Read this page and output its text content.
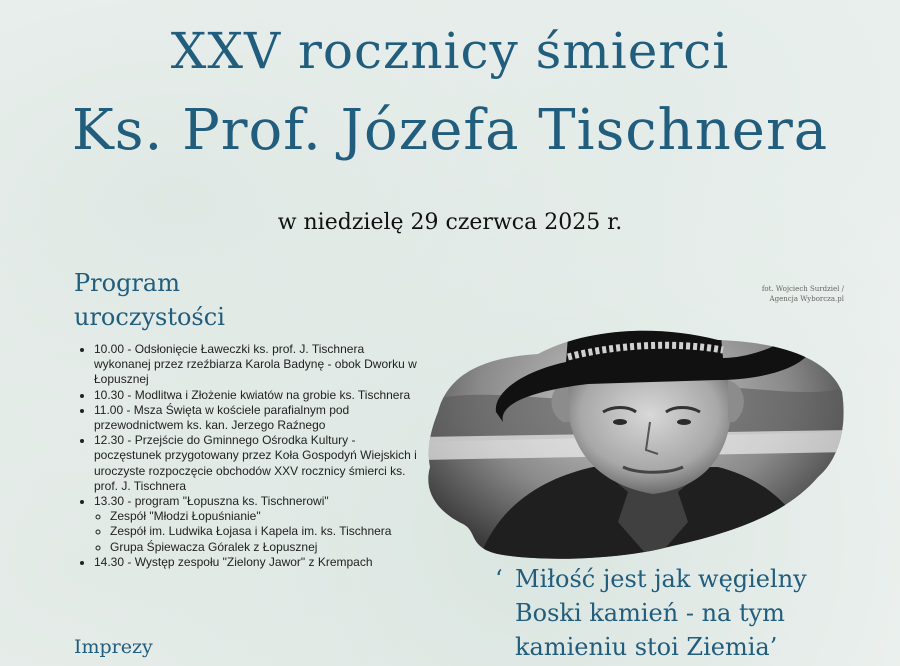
XXV rocznicy śmierci
Ks. Prof. Józefa Tischnera
w niedzielę 29 czerwca 2025 r.
Program
uroczystości
• 10.00 - Odsłonięcie Ławeczki ks. prof. J. Tischnera wykonanej przez rzeźbiarza Karola Badynę - obok Dworku w Łopusznej
• 10.30 - Modlitwa i Złożenie kwiatów na grobie ks. Tischnera
• 11.00 - Msza Święta w kościele parafialnym pod przewodnictwem ks. kan. Jerzego Raźnego
• 12.30 - Przejście do Gminnego Ośrodka Kultury - poczęstunek przygotowany przez Koła Gospodyń Wiejskich i uroczyste rozpoczęcie obchodów XXV rocznicy śmierci ks. prof. J. Tischnera
• 13.30 - program "Łopuszna ks. Tischnerowi"
◦ Zespół "Młodzi Łopuśnianie"
◦ Zespół im. Ludwika Łojasa i Kapela im. ks. Tischnera
◦ Grupa Śpiewacza Góralek z Łopusznej
• 14.30 - Występ zespołu "Zielony Jawor" z Krempach
Imprezy
fot. Wojciech Surdziel /
Agencja Wyborcza.pl
‘ Miłość jest jak węgielny
Boski kamień - na tym
kamieniu stoi Ziemia’
